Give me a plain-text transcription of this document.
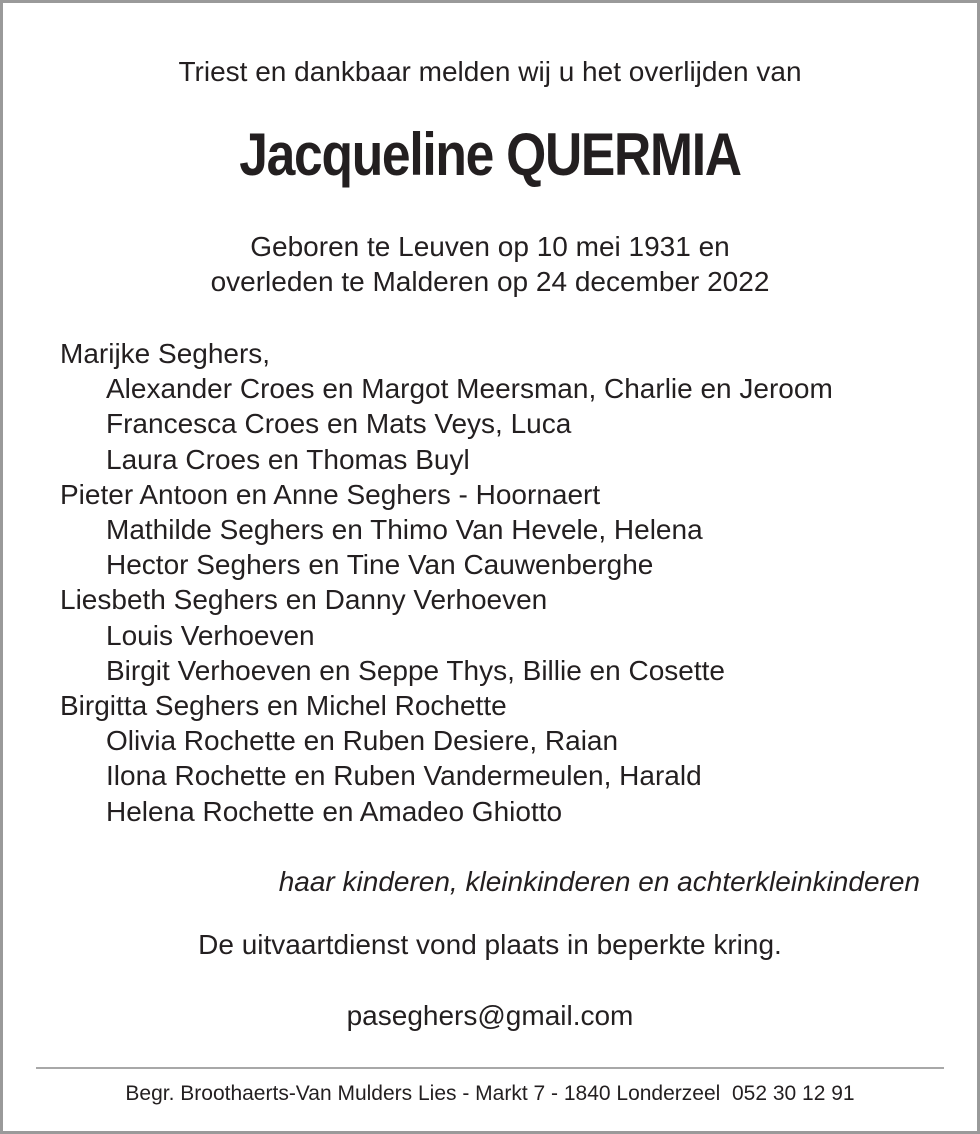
Triest en dankbaar melden wij u het overlijden van
Jacqueline QUERMIA
Geboren te Leuven op 10 mei 1931 en
overleden te Malderen op 24 december 2022
Marijke Seghers,
Alexander Croes en Margot Meersman, Charlie en Jeroom
Francesca Croes en Mats Veys, Luca
Laura Croes en Thomas Buyl
Pieter Antoon en Anne Seghers - Hoornaert
Mathilde Seghers en Thimo Van Hevele, Helena
Hector Seghers en Tine Van Cauwenberghe
Liesbeth Seghers en Danny Verhoeven
Louis Verhoeven
Birgit Verhoeven en Seppe Thys, Billie en Cosette
Birgitta Seghers en Michel Rochette
Olivia Rochette en Ruben Desiere, Raian
Ilona Rochette en Ruben Vandermeulen, Harald
Helena Rochette en Amadeo Ghiotto
haar kinderen, kleinkinderen en achterkleinkinderen
De uitvaartdienst vond plaats in beperkte kring.
paseghers@gmail.com
Begr. Broothaerts-Van Mulders Lies - Markt 7 - 1840 Londerzeel  052 30 12 91
